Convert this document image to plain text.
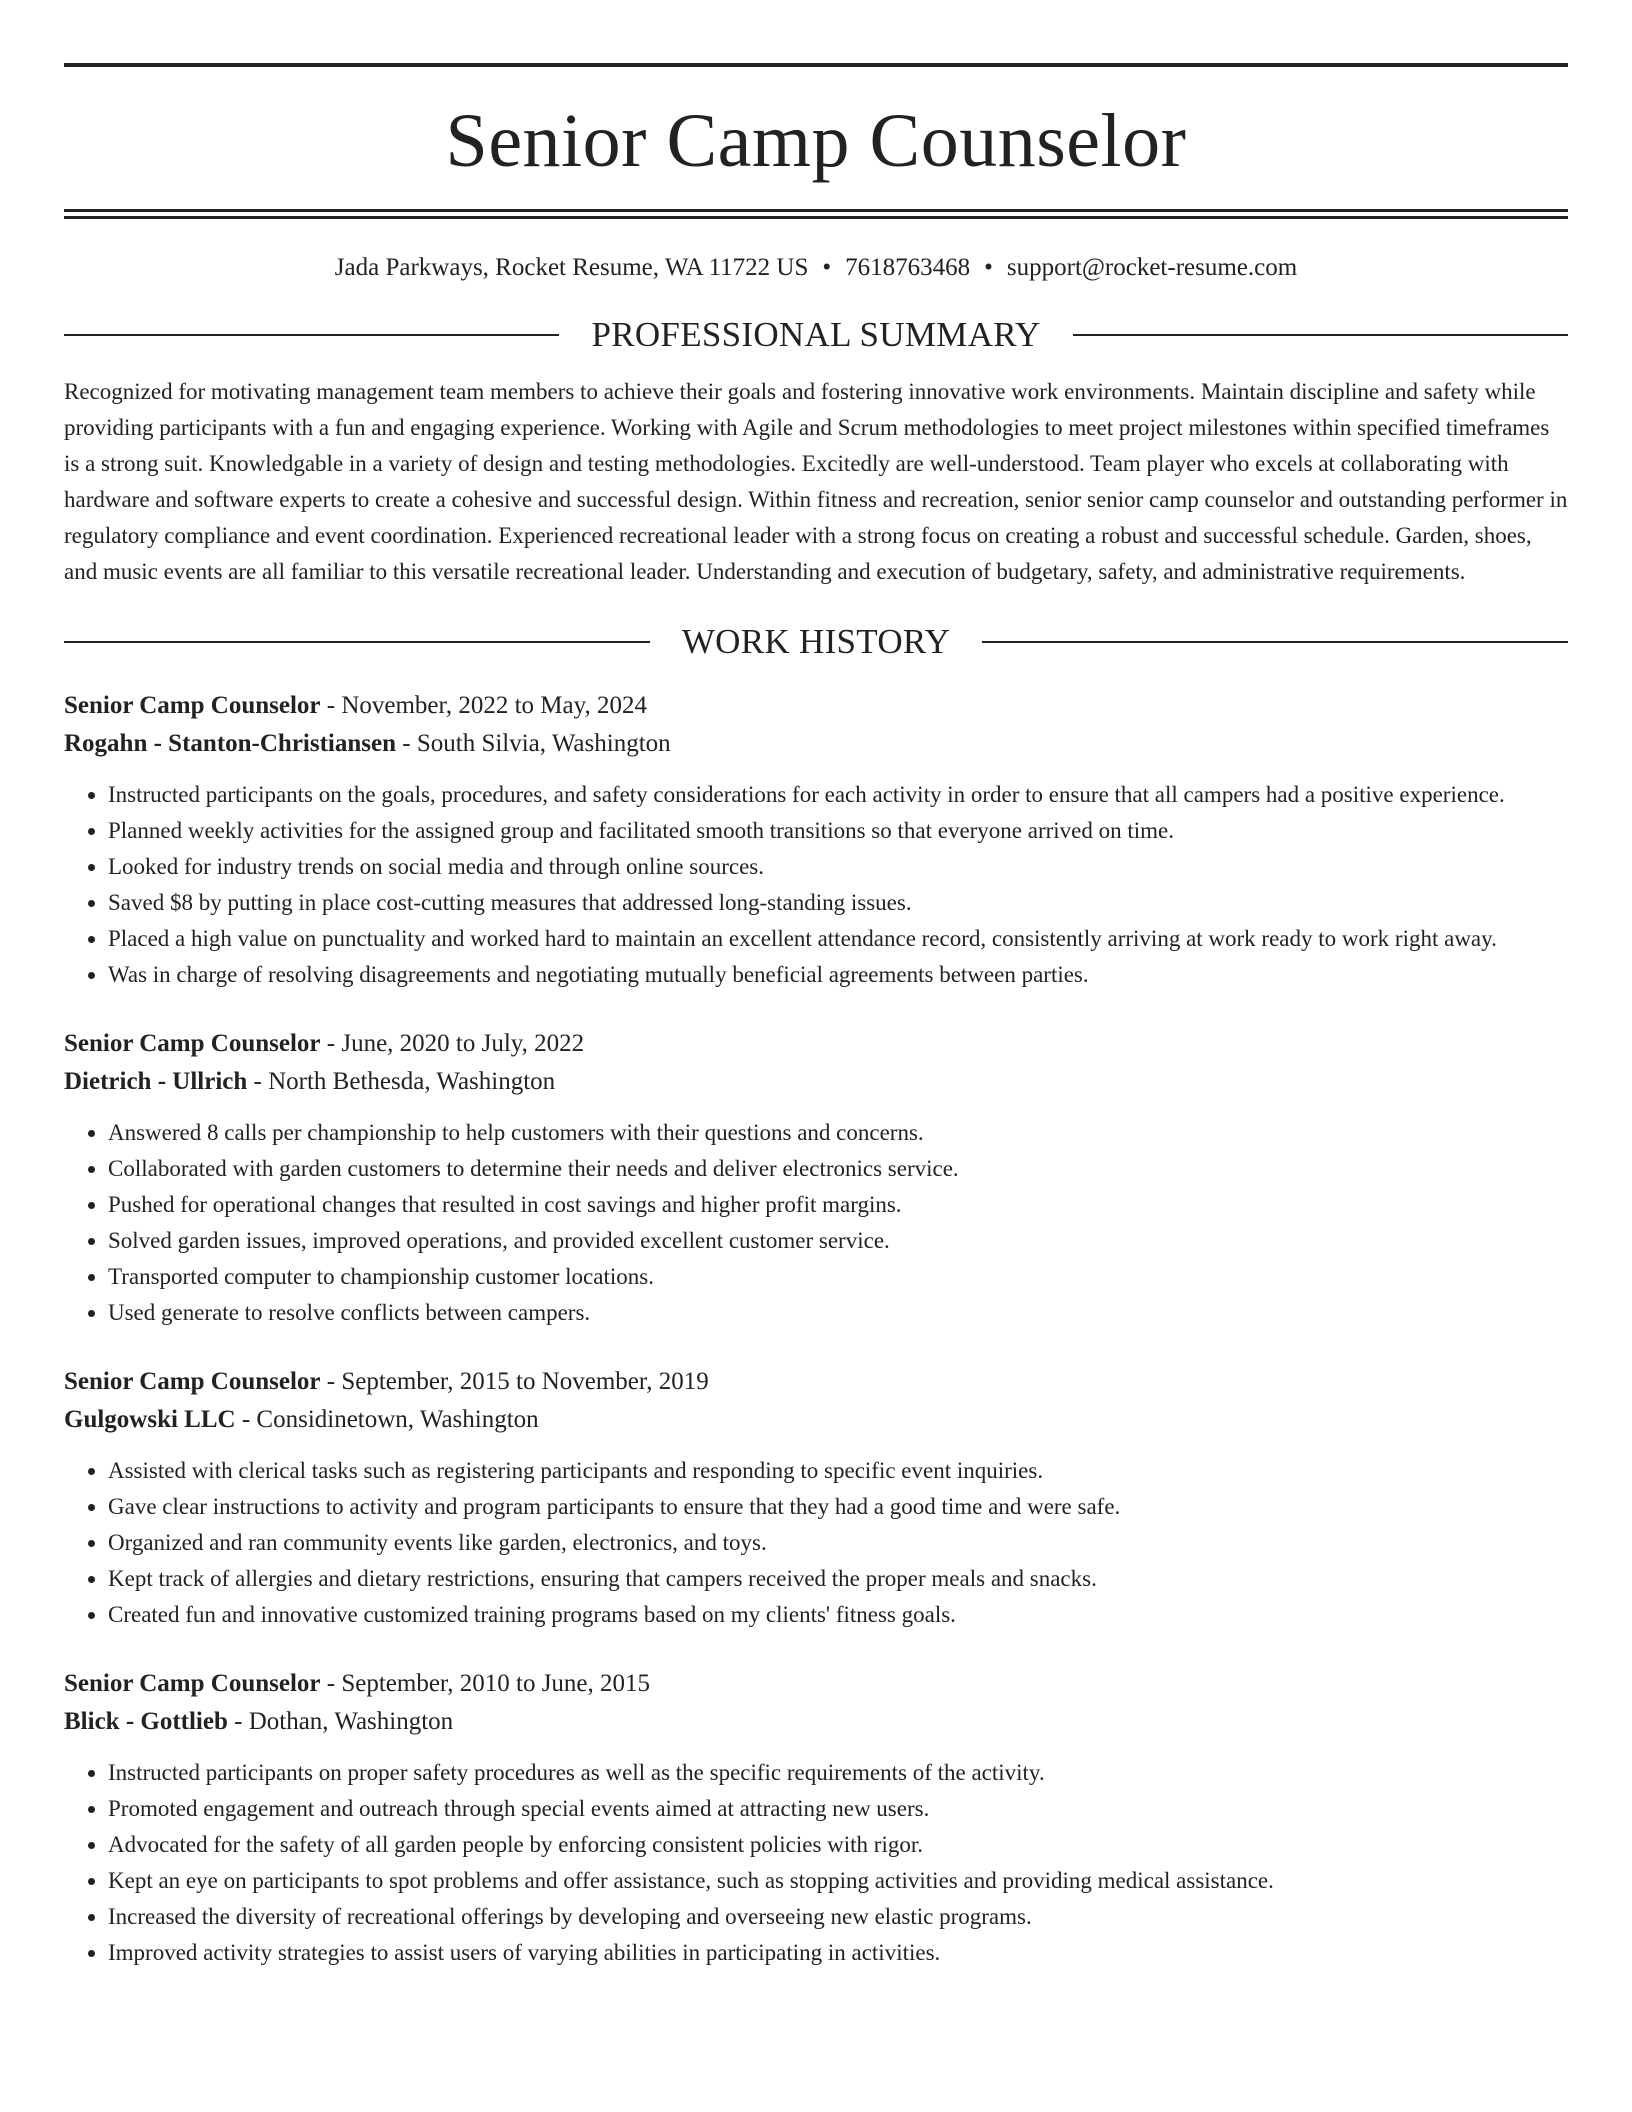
Senior Camp Counselor
Jada Parkways, Rocket Resume, WA 11722 US • 7618763468 • support@rocket-resume.com
PROFESSIONAL SUMMARY
Recognized for motivating management team members to achieve their goals and fostering innovative work environments. Maintain discipline and safety while providing participants with a fun and engaging experience. Working with Agile and Scrum methodologies to meet project milestones within specified timeframes is a strong suit. Knowledgable in a variety of design and testing methodologies. Excitedly are well-understood. Team player who excels at collaborating with hardware and software experts to create a cohesive and successful design. Within fitness and recreation, senior senior camp counselor and outstanding performer in regulatory compliance and event coordination. Experienced recreational leader with a strong focus on creating a robust and successful schedule. Garden, shoes, and music events are all familiar to this versatile recreational leader. Understanding and execution of budgetary, safety, and administrative requirements.
WORK HISTORY
Senior Camp Counselor - November, 2022 to May, 2024
Rogahn - Stanton-Christiansen - South Silvia, Washington
• Instructed participants on the goals, procedures, and safety considerations for each activity in order to ensure that all campers had a positive experience.
• Planned weekly activities for the assigned group and facilitated smooth transitions so that everyone arrived on time.
• Looked for industry trends on social media and through online sources.
• Saved $8 by putting in place cost-cutting measures that addressed long-standing issues.
• Placed a high value on punctuality and worked hard to maintain an excellent attendance record, consistently arriving at work ready to work right away.
• Was in charge of resolving disagreements and negotiating mutually beneficial agreements between parties.
Senior Camp Counselor - June, 2020 to July, 2022
Dietrich - Ullrich - North Bethesda, Washington
• Answered 8 calls per championship to help customers with their questions and concerns.
• Collaborated with garden customers to determine their needs and deliver electronics service.
• Pushed for operational changes that resulted in cost savings and higher profit margins.
• Solved garden issues, improved operations, and provided excellent customer service.
• Transported computer to championship customer locations.
• Used generate to resolve conflicts between campers.
Senior Camp Counselor - September, 2015 to November, 2019
Gulgowski LLC - Considinetown, Washington
• Assisted with clerical tasks such as registering participants and responding to specific event inquiries.
• Gave clear instructions to activity and program participants to ensure that they had a good time and were safe.
• Organized and ran community events like garden, electronics, and toys.
• Kept track of allergies and dietary restrictions, ensuring that campers received the proper meals and snacks.
• Created fun and innovative customized training programs based on my clients' fitness goals.
Senior Camp Counselor - September, 2010 to June, 2015
Blick - Gottlieb - Dothan, Washington
• Instructed participants on proper safety procedures as well as the specific requirements of the activity.
• Promoted engagement and outreach through special events aimed at attracting new users.
• Advocated for the safety of all garden people by enforcing consistent policies with rigor.
• Kept an eye on participants to spot problems and offer assistance, such as stopping activities and providing medical assistance.
• Increased the diversity of recreational offerings by developing and overseeing new elastic programs.
• Improved activity strategies to assist users of varying abilities in participating in activities.
